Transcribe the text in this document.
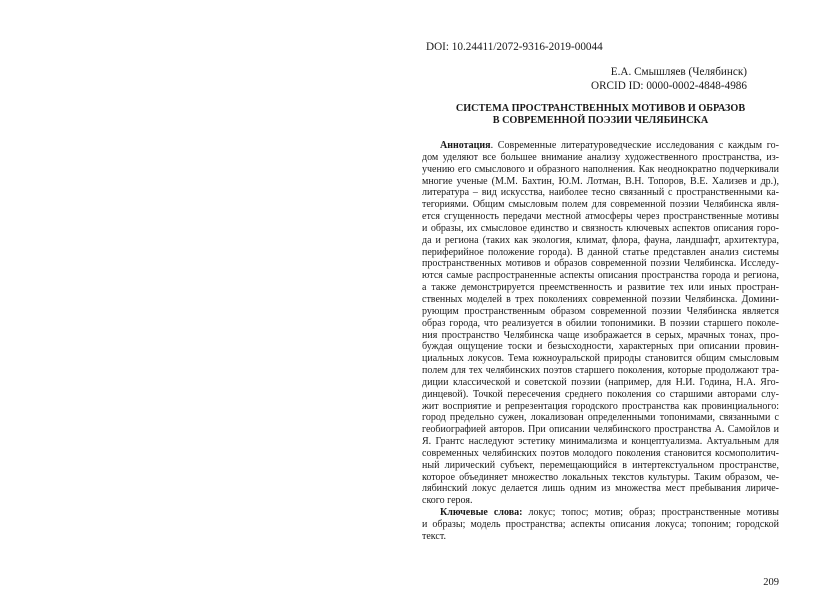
DOI: 10.24411/2072-9316-2019-00044
Е.А. Смышляев (Челябинск)
ORCID ID: 0000-0002-4848-4986
СИСТЕМА ПРОСТРАНСТВЕННЫХ МОТИВОВ И ОБРАЗОВ
В СОВРЕМЕННОЙ ПОЭЗИИ ЧЕЛЯБИНСКА
Аннотация. Современные литературоведческие исследования с каждым го-
дом уделяют все большее внимание анализу художественного пространства, из-
учению его смыслового и образного наполнения. Как неоднократно подчеркивали
многие ученые (М.М. Бахтин, Ю.М. Лотман, В.Н. Топоров, В.Е. Хализев и др.),
литература – вид искусства, наиболее тесно связанный с пространственными ка-
тегориями. Общим смысловым полем для современной поэзии Челябинска явля-
ется сгущенность передачи местной атмосферы через пространственные мотивы
и образы, их смысловое единство и связность ключевых аспектов описания горо-
да и региона (таких как экология, климат, флора, фауна, ландшафт, архитектура,
периферийное положение города). В данной статье представлен анализ системы
пространственных мотивов и образов современной поэзии Челябинска. Исследу-
ются самые распространенные аспекты описания пространства города и региона,
а также демонстрируется преемственность и развитие тех или иных простран-
ственных моделей в трех поколениях современной поэзии Челябинска. Домини-
рующим пространственным образом современной поэзии Челябинска является
образ города, что реализуется в обилии топонимики. В поэзии старшего поколе-
ния пространство Челябинска чаще изображается в серых, мрачных тонах, про-
буждая ощущение тоски и безысходности, характерных при описании провин-
циальных локусов. Тема южноуральской природы становится общим смысловым
полем для тех челябинских поэтов старшего поколения, которые продолжают тра-
диции классической и советской поэзии (например, для Н.И. Година, Н.А. Яго-
динцевой). Точкой пересечения среднего поколения со старшими авторами слу-
жит восприятие и репрезентация городского пространства как провинциального:
город предельно сужен, локализован определенными топонимами, связанными с
геобиографией авторов. При описании челябинского пространства А. Самойлов и
Я. Грантс наследуют эстетику минимализма и концептуализма. Актуальным для
современных челябинских поэтов молодого поколения становится космополитич-
ный лирический субъект, перемещающийся в интертекстуальном пространстве,
которое объединяет множество локальных текстов культуры. Таким образом, че-
лябинский локус делается лишь одним из множества мест пребывания лириче-
ского героя.
Ключевые слова: локус; топос; мотив; образ; пространственные мотивы
и образы; модель пространства; аспекты описания локуса; топоним; городской
текст.
209
